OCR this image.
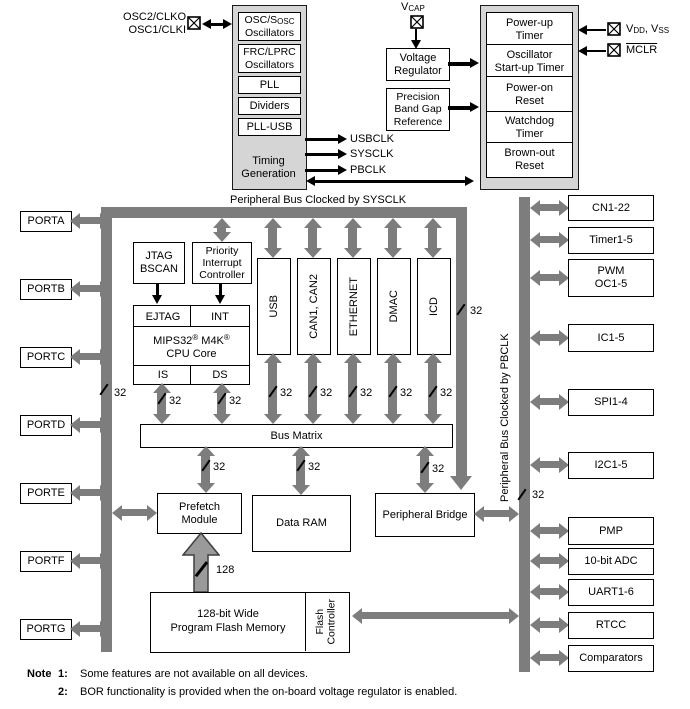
OSC2/CLKO
OSC1/CLKI
OSC/$S_{OSC}$
Oscillators
FRC/LPRC
Oscillators
PLL
Dividers
PLL-USB
Timing
Generation
USBCLK
SYSCLK
PBCLK
$V_{CAP}$
Voltage
Regulator
Precision
Band Gap
Reference
Power-up
Timer
Oscillator
Start-up Timer
Power-on
Reset
Watchdog
Timer
Brown-out
Reset
$V_{DD}$, $V_{SS}$
MCLR
Peripheral Bus Clocked by SYSCLK
32
32
PORTA
PORTB
PORTC
PORTD
PORTE
PORTF
PORTG
JTAG
BSCAN
Priority
Interrupt
Controller
EJTAG	INT
MIPS32® M4K®
CPU Core
IS	DS
32	32
USB	CAN1, CAN2	ETHERNET	DMAC	ICD
32	32	32	32	32
Bus Matrix
32	32	32
Prefetch
Module	Data RAM
Peripheral Bridge
128
128-bit Wide
Program Flash Memory	Flash
Controller
Peripheral Bus Clocked by PBCLK 32
CN1-22
Timer1-5
PWM
OC1-5
IC1-5
SPI1-4
I2C1-5
PMP
10-bit ADC
UART1-6
RTCC
Comparators
Note 1: Some features are not available on all devices.
2: BOR functionality is provided when the on-board voltage regulator is enabled.
